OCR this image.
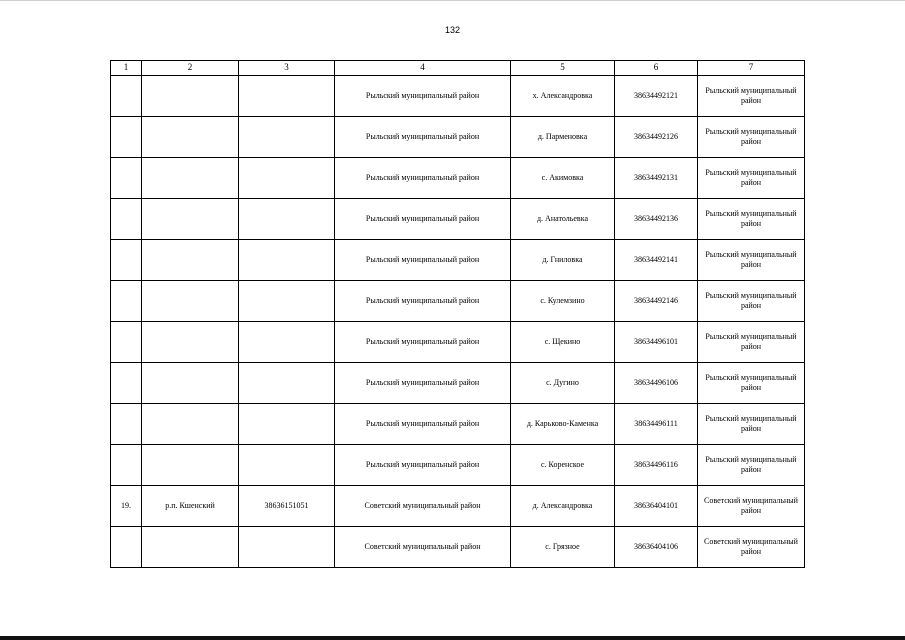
132
1	2	3	4	5	6	7
			Рыльский муниципальный район	х. Александровка	38634492121	Рыльский муниципальный район
			Рыльский муниципальный район	д. Парменовка	38634492126	Рыльский муниципальный район
			Рыльский муниципальный район	с. Акимовка	38634492131	Рыльский муниципальный район
			Рыльский муниципальный район	д. Анатольевка	38634492136	Рыльский муниципальный район
			Рыльский муниципальный район	д. Гниловка	38634492141	Рыльский муниципальный район
			Рыльский муниципальный район	с. Кулемзино	38634492146	Рыльский муниципальный район
			Рыльский муниципальный район	с. Щекино	38634496101	Рыльский муниципальный район
			Рыльский муниципальный район	с. Дугино	38634496106	Рыльский муниципальный район
			Рыльский муниципальный район	д. Карьково-Каменка	38634496111	Рыльский муниципальный район
			Рыльский муниципальный район	с. Коренское	38634496116	Рыльский муниципальный район
19.	р.п. Кшенский	38636151051	Советский муниципальный район	д. Александровка	38636404101	Советский муниципальный район
			Советский муниципальный район	с. Грязное	38636404106	Советский муниципальный район
